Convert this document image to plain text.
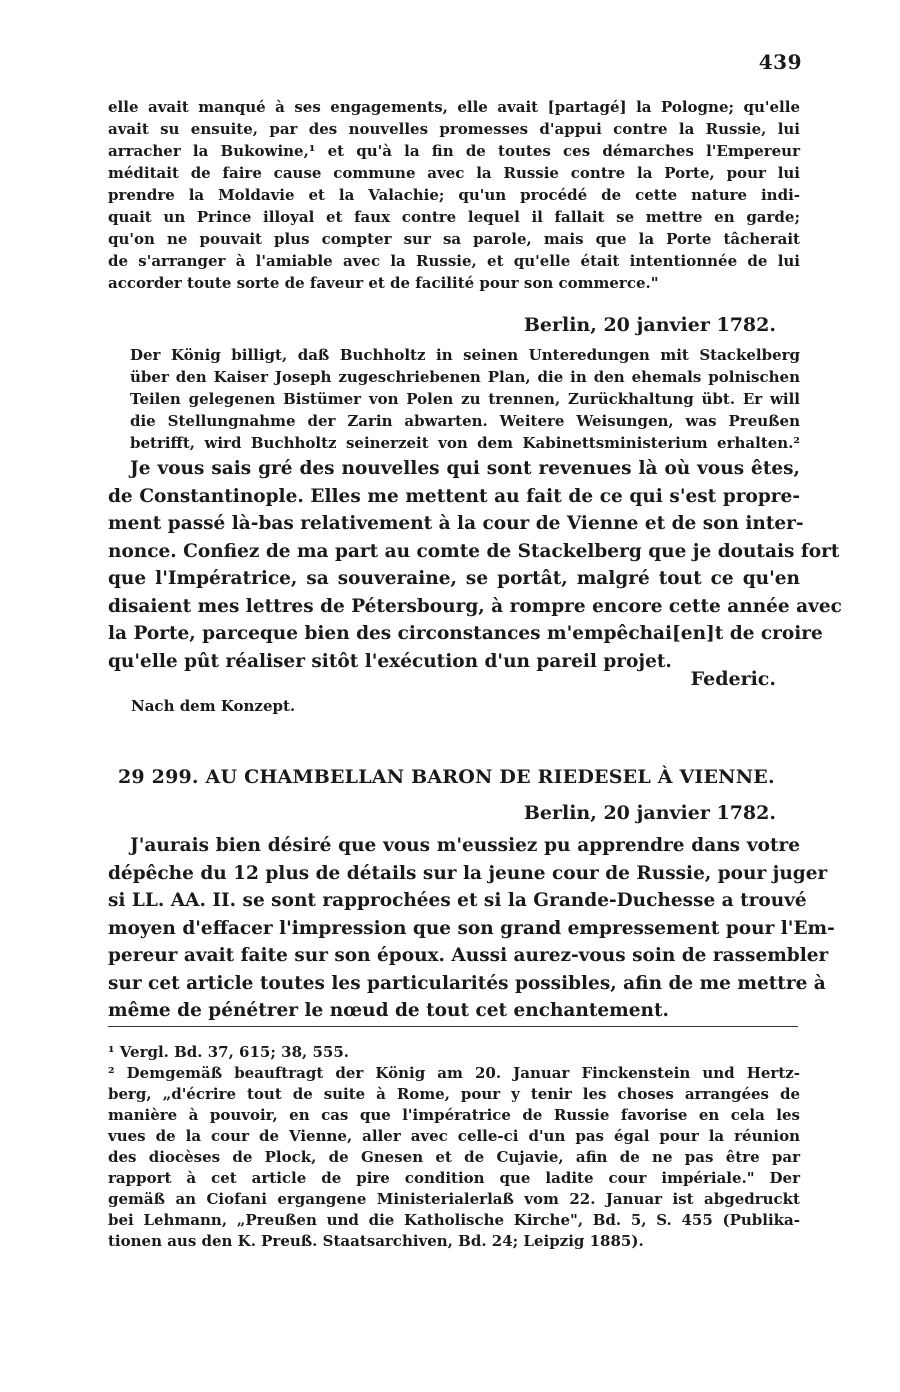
439
elle avait manqué à ses engagements, elle avait [partagé] la Pologne; qu'elle
avait su ensuite, par des nouvelles promesses d'appui contre la Russie, lui
arracher la Bukowine,¹ et qu'à la fin de toutes ces démarches l'Empereur
méditait de faire cause commune avec la Russie contre la Porte, pour lui
prendre la Moldavie et la Valachie; qu'un procédé de cette nature indi-
quait un Prince illoyal et faux contre lequel il fallait se mettre en garde;
qu'on ne pouvait plus compter sur sa parole, mais que la Porte tâcherait
de s'arranger à l'amiable avec la Russie, et qu'elle était intentionnée de lui
accorder toute sorte de faveur et de facilité pour son commerce."
Berlin, 20 janvier 1782.
Der König billigt, daß Buchholtz in seinen Unteredungen mit Stackelberg
über den Kaiser Joseph zugeschriebenen Plan, die in den ehemals polnischen
Teilen gelegenen Bistümer von Polen zu trennen, Zurückhaltung übt. Er will
die Stellungnahme der Zarin abwarten. Weitere Weisungen, was Preußen
betrifft, wird Buchholtz seinerzeit von dem Kabinettsministerium erhalten.²
Je vous sais gré des nouvelles qui sont revenues là où vous êtes,
de Constantinople. Elles me mettent au fait de ce qui s'est propre-
ment passé là-bas relativement à la cour de Vienne et de son inter-
nonce. Confiez de ma part au comte de Stackelberg que je doutais fort
que l'Impératrice, sa souveraine, se portât, malgré tout ce qu'en
disaient mes lettres de Pétersbourg, à rompre encore cette année avec
la Porte, parceque bien des circonstances m'empêchai[en]t de croire
qu'elle pût réaliser sitôt l'exécution d'un pareil projet.
Federic.
Nach dem Konzept.
29 299. AU CHAMBELLAN BARON DE RIEDESEL À VIENNE.
Berlin, 20 janvier 1782.
J'aurais bien désiré que vous m'eussiez pu apprendre dans votre
dépêche du 12 plus de détails sur la jeune cour de Russie, pour juger
si LL. AA. II. se sont rapprochées et si la Grande-Duchesse a trouvé
moyen d'effacer l'impression que son grand empressement pour l'Em-
pereur avait faite sur son époux. Aussi aurez-vous soin de rassembler
sur cet article toutes les particularités possibles, afin de me mettre à
même de pénétrer le nœud de tout cet enchantement.
¹ Vergl. Bd. 37, 615; 38, 555.
² Demgemäß beauftragt der König am 20. Januar Finckenstein und Hertz-
berg, „d'écrire tout de suite à Rome, pour y tenir les choses arrangées de
manière à pouvoir, en cas que l'impératrice de Russie favorise en cela les
vues de la cour de Vienne, aller avec celle-ci d'un pas égal pour la réunion
des diocèses de Plock, de Gnesen et de Cujavie, afin de ne pas être par
rapport à cet article de pire condition que ladite cour impériale." Der
gemäß an Ciofani ergangene Ministerialerlaß vom 22. Januar ist abgedruckt
bei Lehmann, „Preußen und die Katholische Kirche", Bd. 5, S. 455 (Publika-
tionen aus den K. Preuß. Staatsarchiven, Bd. 24; Leipzig 1885).
